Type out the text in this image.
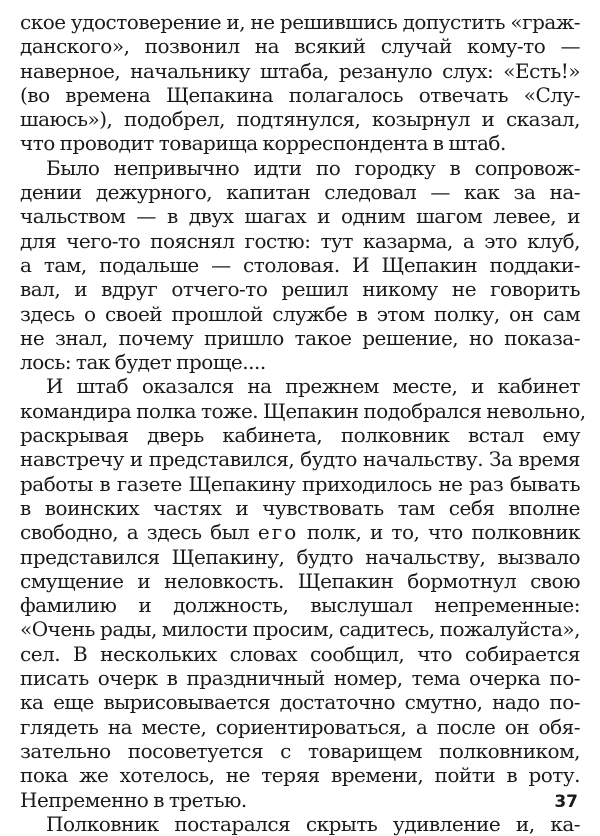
ское удостоверение и, не решившись допустить «граж-
данского», позвонил на всякий случай кому-то —
наверное, начальнику штаба, резануло слух: «Есть!»
(во времена Щепакина полагалось отвечать «Слу-
шаюсь»), подобрел, подтянулся, козырнул и сказал,
что проводит товарища корреспондента в штаб.
Было непривычно идти по городку в сопровож-
дении дежурного, капитан следовал — как за на-
чальством — в двух шагах и одним шагом левее, и
для чего-то пояснял гостю: тут казарма, а это клуб,
а там, подальше — столовая. И Щепакин поддаки-
вал, и вдруг отчего-то решил никому не говорить
здесь о своей прошлой службе в этом полку, он сам
не знал, почему пришло такое решение, но показа-
лось: так будет проще....
И штаб оказался на прежнем месте, и кабинет
командира полка тоже. Щепакин подобрался невольно,
раскрывая дверь кабинета, полковник встал ему
навстречу и представился, будто начальству. За время
работы в газете Щепакину приходилось не раз бывать
в воинских частях и чувствовать там себя вполне
свободно, а здесь был его полк, и то, что полковник
представился Щепакину, будто начальству, вызвало
смущение и неловкость. Щепакин бормотнул свою
фамилию и должность, выслушал непременные:
«Очень рады, милости просим, садитесь, пожалуйста»,
сел. В нескольких словах сообщил, что собирается
писать очерк в праздничный номер, тема очерка по-
ка еще вырисовывается достаточно смутно, надо по-
глядеть на месте, сориентироваться, а после он обя-
зательно посоветуется с товарищем полковником,
пока же хотелось, не теряя времени, пойти в роту.
Непременно в третью.
Полковник постарался скрыть удивление и, ка-
37
